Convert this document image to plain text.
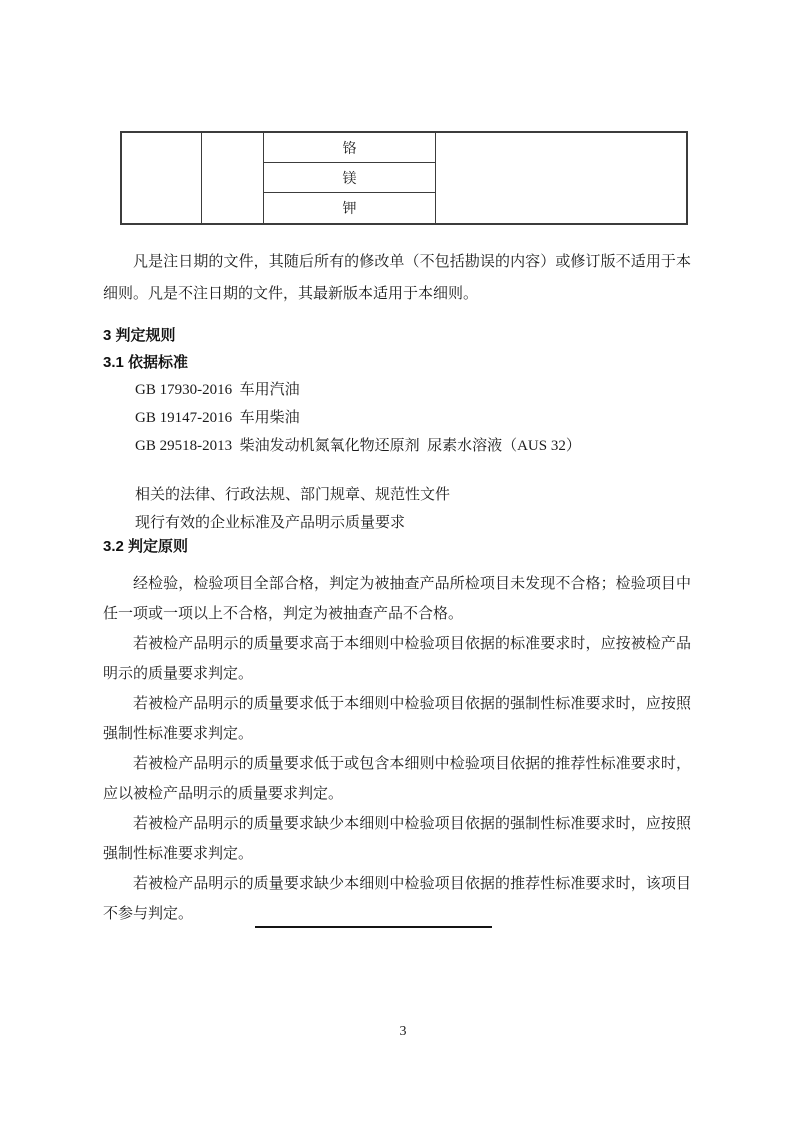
铬
镁
钾
凡是注日期的文件，其随后所有的修改单（不包括勘误的内容）或修订版不适用于本细则。凡是不注日期的文件，其最新版本适用于本细则。
3 判定规则
3.1 依据标准
GB 17930-2016  车用汽油
GB 19147-2016  车用柴油
GB 29518-2013  柴油发动机氮氧化物还原剂  尿素水溶液（AUS 32）
相关的法律、行政法规、部门规章、规范性文件
现行有效的企业标准及产品明示质量要求
3.2 判定原则

经检验，检验项目全部合格，判定为被抽查产品所检项目未发现不合格；检验项目中任一项或一项以上不合格，判定为被抽查产品不合格。

若被检产品明示的质量要求高于本细则中检验项目依据的标准要求时，应按被检产品明示的质量要求判定。

若被检产品明示的质量要求低于本细则中检验项目依据的强制性标准要求时，应按照强制性标准要求判定。

若被检产品明示的质量要求低于或包含本细则中检验项目依据的推荐性标准要求时，应以被检产品明示的质量要求判定。

若被检产品明示的质量要求缺少本细则中检验项目依据的强制性标准要求时，应按照强制性标准要求判定。

若被检产品明示的质量要求缺少本细则中检验项目依据的推荐性标准要求时，该项目不参与判定。

3
